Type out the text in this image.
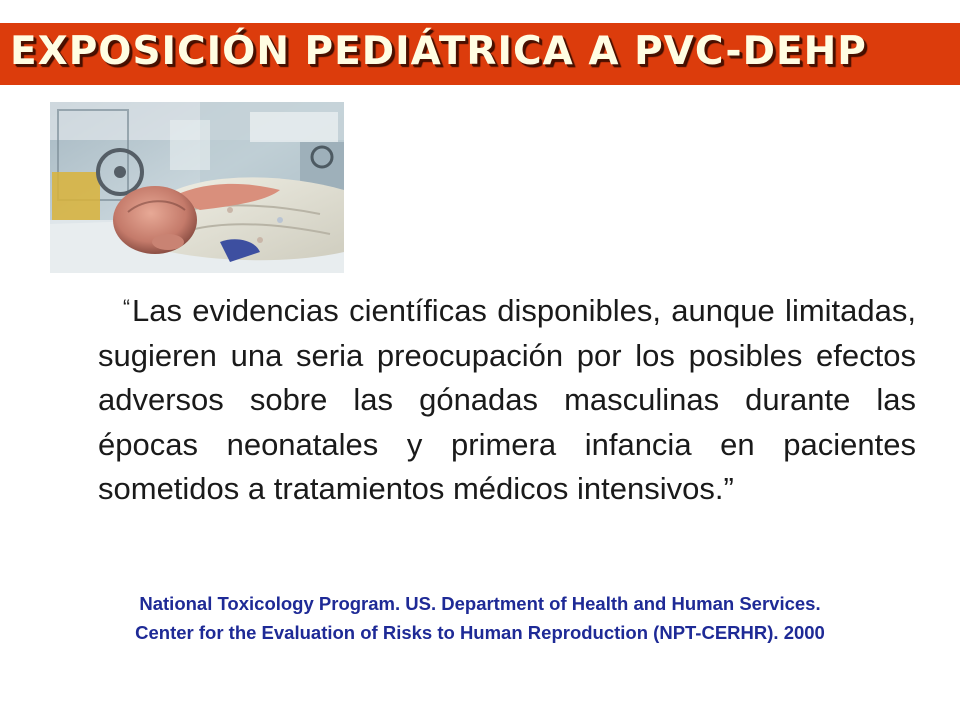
EXPOSICIÓN PEDIÁTRICA A PVC-DEHP

“Las evidencias científicas disponibles, aunque limitadas, sugieren una seria preocupación por los posibles efectos adversos sobre las gónadas masculinas durante las épocas neonatales y primera infancia en pacientes sometidos a tratamientos médicos intensivos.”

National Toxicology Program. US. Department of Health and Human Services.
Center for the Evaluation of Risks to Human Reproduction (NPT-CERHR). 2000
